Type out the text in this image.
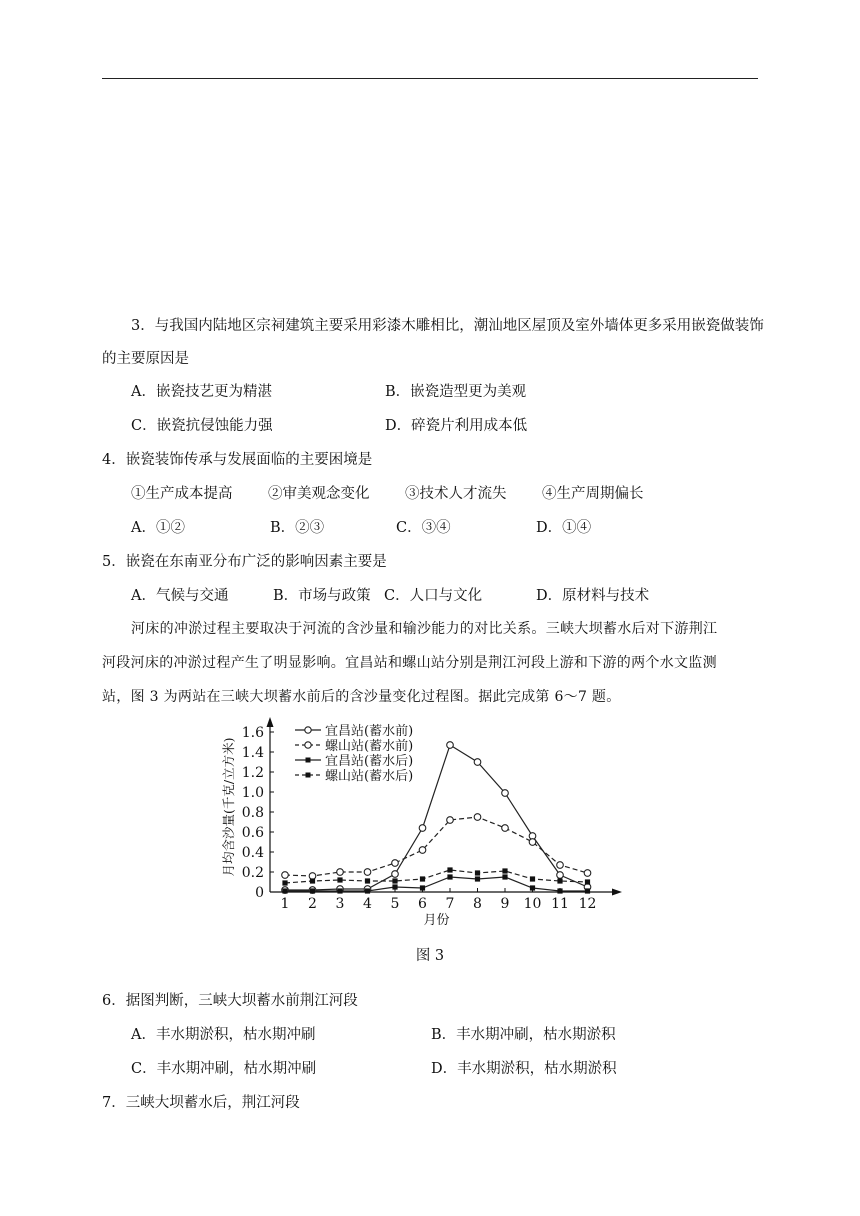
3．与我国内陆地区宗祠建筑主要采用彩漆木雕相比，潮汕地区屋顶及室外墙体更多采用嵌瓷做装饰
的主要原因是
A．嵌瓷技艺更为精湛	B．嵌瓷造型更为美观
C．嵌瓷抗侵蚀能力强	D．碎瓷片利用成本低
4．嵌瓷装饰传承与发展面临的主要困境是
①生产成本提高 ②审美观念变化 ③技术人才流失 ④生产周期偏长
A．①②	B．②③	C．③④	D．①④
5．嵌瓷在东南亚分布广泛的影响因素主要是
A．气候与交通	B．市场与政策 C．人口与文化	D．原材料与技术
河床的冲淤过程主要取决于河流的含沙量和输沙能力的对比关系。三峡大坝蓄水后对下游荆江
河段河床的冲淤过程产生了明显影响。宜昌站和螺山站分别是荆江河段上游和下游的两个水文监测
站，图 3 为两站在三峡大坝蓄水前后的含沙量变化过程图。据此完成第 6～7 题。
0
0.2
0.4
0.6
0.8
1.0
1.2
1.4
1.6
1 2 3 4 5 6 7 8 9 10 11 12
月份
月均含沙量(千克/立方米)
宜昌站(蓄水前)
螺山站(蓄水前)
宜昌站(蓄水后)
螺山站(蓄水后)
图 3
6．据图判断，三峡大坝蓄水前荆江河段
A．丰水期淤积，枯水期冲刷	B．丰水期冲刷，枯水期淤积
C．丰水期冲刷，枯水期冲刷	D．丰水期淤积，枯水期淤积
7．三峡大坝蓄水后，荆江河段
